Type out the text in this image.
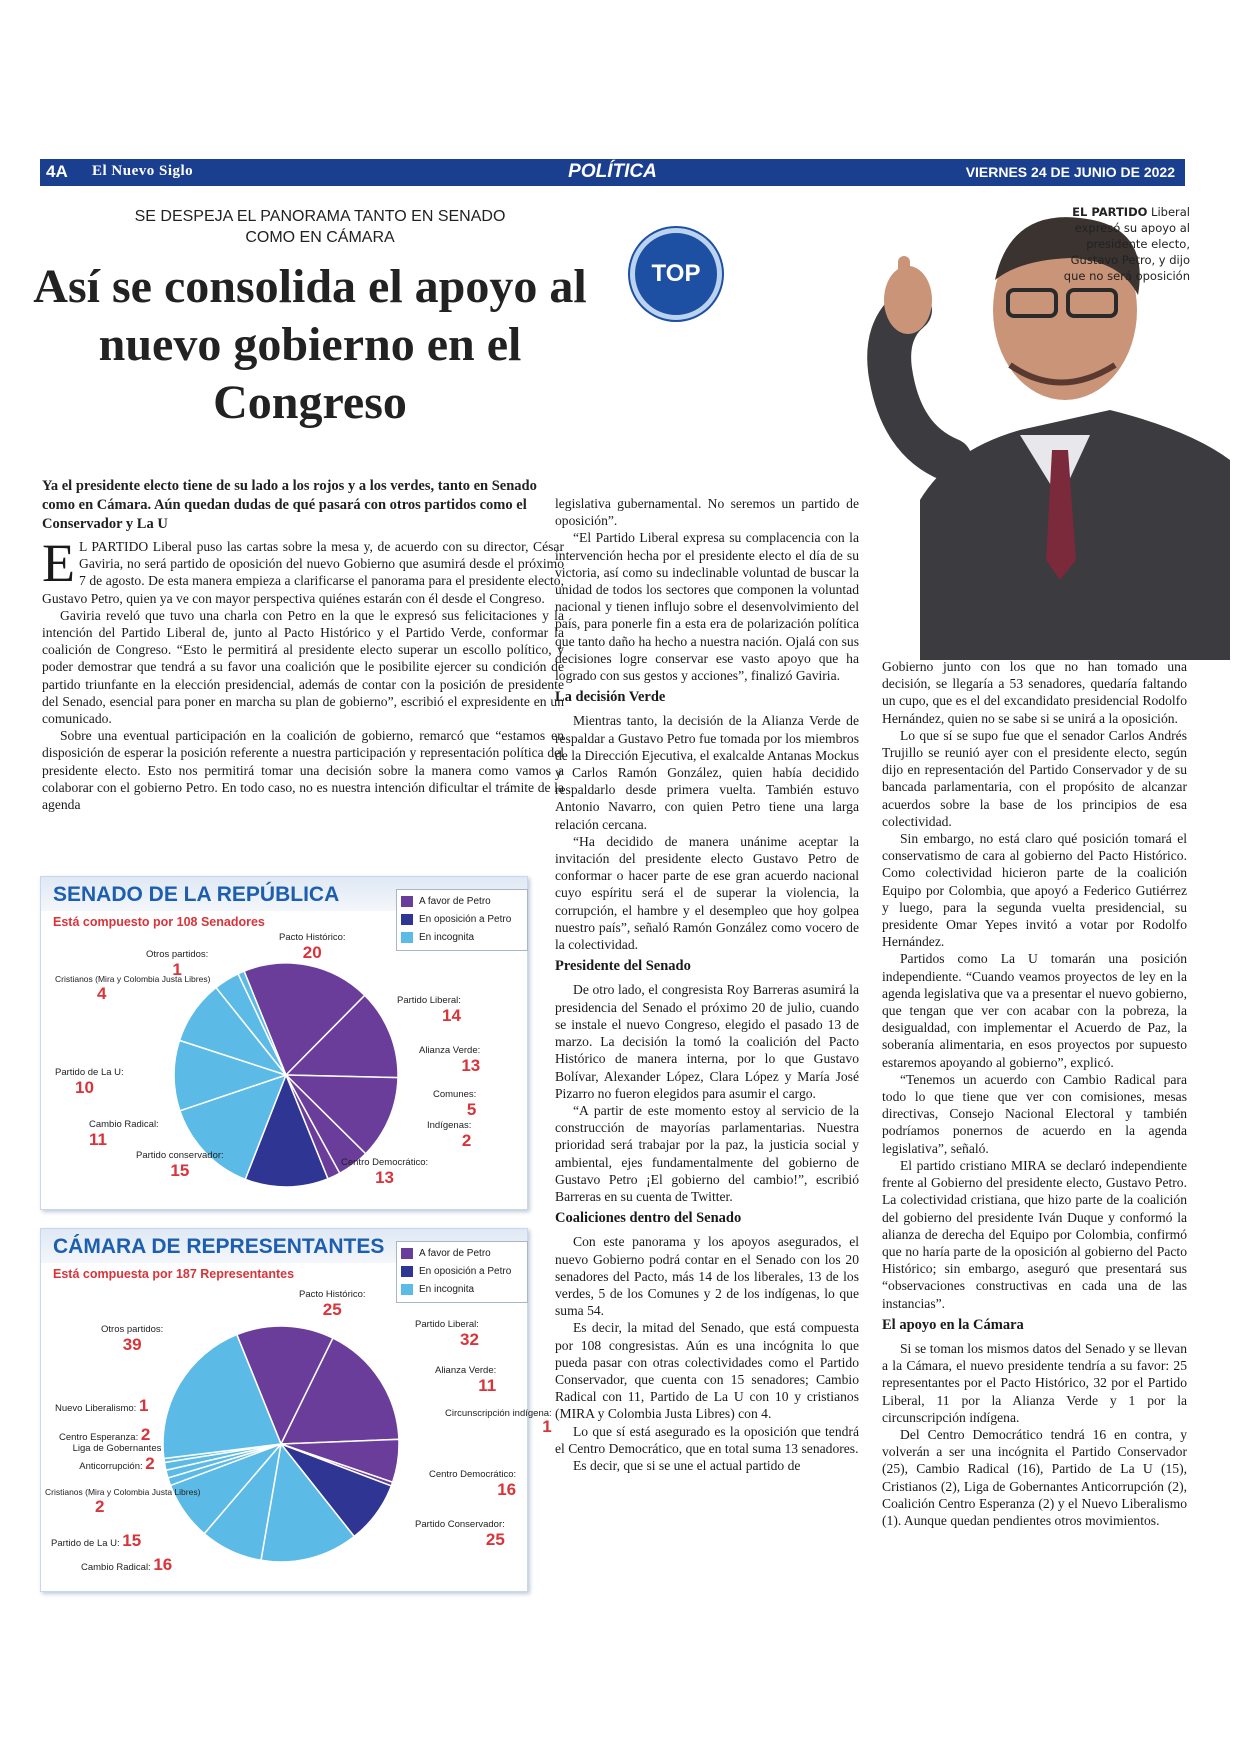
4A El Nuevo Siglo	POLÍTICA	VIERNES 24 DE JUNIO DE 2022
SE DESPEJA EL PANORAMA TANTO EN SENADO COMO EN CÁMARA
Así se consolida el apoyo al nuevo gobierno en el Congreso
TOP
EL PARTIDO Liberal expresó su apoyo al presidente electo, Gustavo Petro, y dijo que no será oposición
Ya el presidente electo tiene de su lado a los rojos y a los verdes, tanto en Senado como en Cámara. Aún quedan dudas de qué pasará con otros partidos como el Conservador y La U

E L PARTIDO Liberal puso las cartas sobre la mesa y, de acuerdo con su director, César Gaviria, no será partido de oposición del nuevo Gobierno que asumirá desde el próximo 7 de agosto. De esta manera empieza a clarificarse el panorama para el presidente electo, Gustavo Petro, quien ya ve con mayor perspectiva quiénes estarán con él desde el Congreso.

Gaviria reveló que tuvo una charla con Petro en la que le expresó sus felicitaciones y la intención del Partido Liberal de, junto al Pacto Histórico y el Partido Verde, conformar la coalición de Congreso. “Esto le permitirá al presidente electo superar un escollo político, y poder demostrar que tendrá a su favor una coalición que le posibilite ejercer su condición de partido triunfante en la elección presidencial, además de contar con la posición de presidente del Senado, esencial para poner en marcha su plan de gobierno”, escribió el expresidente en un comunicado.

Sobre una eventual participación en la coalición de gobierno, remarcó que “estamos en disposición de esperar la posición referente a nuestra participación y representación política del presidente electo. Esto nos permitirá tomar una decisión sobre la manera como vamos a colaborar con el gobierno Petro. En todo caso, no es nuestra intención dificultar el trámite de la agenda

legislativa gubernamental. No seremos un partido de oposición”.

“El Partido Liberal expresa su complacencia con la intervención hecha por el presidente electo el día de su victoria, así como su indeclinable voluntad de buscar la unidad de todos los sectores que componen la voluntad nacional y tienen influjo sobre el desenvolvimiento del país, para ponerle fin a esta era de polarización política que tanto daño ha hecho a nuestra nación. Ojalá con sus decisiones logre conservar ese vasto apoyo que ha logrado con sus gestos y acciones”, finalizó Gaviria.

La decisión Verde

Mientras tanto, la decisión de la Alianza Verde de respaldar a Gustavo Petro fue tomada por los miembros de la Dirección Ejecutiva, el exalcalde Antanas Mockus y Carlos Ramón González, quien había decidido respaldarlo desde primera vuelta. También estuvo Antonio Navarro, con quien Petro tiene una larga relación cercana.

“Ha decidido de manera unánime aceptar la invitación del presidente electo Gustavo Petro de conformar o hacer parte de ese gran acuerdo nacional cuyo espíritu será el de superar la violencia, la corrupción, el hambre y el desempleo que hoy golpea nuestro país”, señaló Ramón González como vocero de la colectividad.

Presidente del Senado

De otro lado, el congresista Roy Barreras asumirá la presidencia del Senado el próximo 20 de julio, cuando se instale el nuevo Congreso, elegido el pasado 13 de marzo. La decisión la tomó la coalición del Pacto Histórico de manera interna, por lo que Gustavo Bolívar, Alexander López, Clara López y María José Pizarro no fueron elegidos para asumir el cargo.

“A partir de este momento estoy al servicio de la construcción de mayorías parlamentarias. Nuestra prioridad será trabajar por la paz, la justicia social y ambiental, ejes fundamentalmente del gobierno de Gustavo Petro ¡El gobierno del cambio!”, escribió Barreras en su cuenta de Twitter.

Coaliciones dentro del Senado

Con este panorama y los apoyos asegurados, el nuevo Gobierno podrá contar en el Senado con los 20 senadores del Pacto, más 14 de los liberales, 13 de los verdes, 5 de los Comunes y 2 de los indígenas, lo que suma 54.

Es decir, la mitad del Senado, que está compuesta por 108 congresistas. Aún es una incógnita lo que pueda pasar con otras colectividades como el Partido Conservador, que cuenta con 15 senadores; Cambio Radical con 11, Partido de La U con 10 y cristianos (MIRA y Colombia Justa Libres) con 4.

Lo que sí está asegurado es la oposición que tendrá el Centro Democrático, que en total suma 13 senadores.

Es decir, que si se une el actual partido de

Gobierno junto con los que no han tomado una decisión, se llegaría a 53 senadores, quedaría faltando un cupo, que es el del excandidato presidencial Rodolfo Hernández, quien no se sabe si se unirá a la oposición.

Lo que sí se supo fue que el senador Carlos Andrés Trujillo se reunió ayer con el presidente electo, según dijo en representación del Partido Conservador y de su bancada parlamentaria, con el propósito de alcanzar acuerdos sobre la base de los principios de esa colectividad.

Sin embargo, no está claro qué posición tomará el conservatismo de cara al gobierno del Pacto Histórico. Como colectividad hicieron parte de la coalición Equipo por Colombia, que apoyó a Federico Gutiérrez y luego, para la segunda vuelta presidencial, su presidente Omar Yepes invitó a votar por Rodolfo Hernández.

Partidos como La U tomarán una posición independiente. “Cuando veamos proyectos de ley en la agenda legislativa que va a presentar el nuevo gobierno, que tengan que ver con acabar con la pobreza, la desigualdad, con implementar el Acuerdo de Paz, la soberanía alimentaria, en esos proyectos por supuesto estaremos apoyando al gobierno”, explicó.

“Tenemos un acuerdo con Cambio Radical para todo lo que tiene que ver con comisiones, mesas directivas, Consejo Nacional Electoral y también podríamos ponernos de acuerdo en la agenda legislativa”, señaló.

El partido cristiano MIRA se declaró independiente frente al Gobierno del presidente electo, Gustavo Petro. La colectividad cristiana, que hizo parte de la coalición del gobierno del presidente Iván Duque y conformó la alianza de derecha del Equipo por Colombia, confirmó que no haría parte de la oposición al gobierno del Pacto Histórico; sin embargo, aseguró que presentará sus “observaciones constructivas en cada una de las instancias”.

El apoyo en la Cámara

Si se toman los mismos datos del Senado y se llevan a la Cámara, el nuevo presidente tendría a su favor: 25 representantes por el Pacto Histórico, 32 por el Partido Liberal, 11 por la Alianza Verde y 1 por la circunscripción indígena.

Del Centro Democrático tendrá 16 en contra, y volverán a ser una incógnita el Partido Conservador (25), Cambio Radical (16), Partido de La U (15), Cristianos (2), Liga de Gobernantes Anticorrupción (2), Coalición Centro Esperanza (2) y el Nuevo Liberalismo (1). Aunque quedan pendientes otros movimientos.

SENADO DE LA REPÚBLICA
Está compuesto por 108 Senadores
A favor de Petro
En oposición a Petro
En incognita
Pacto Histórico:
20
Partido Liberal:
14
Alianza Verde:
13
Comunes:
5
Indígenas:
2
Centro Democrático:
13
Partido conservador:
15
Cambio Radical:
11
Partido de La U:
10
Cristianos (Mira y Colombia Justa Libres)
4
Otros partidos:
1
CÁMARA DE REPRESENTANTES
Está compuesta por 187 Representantes
A favor de Petro
En oposición a Petro
En incognita
Pacto Histórico:
25
Partido Liberal:
32
Alianza Verde:
11
Circunscripción indígena:
1
Centro Democrático:
16
Partido Conservador:
25
Cambio Radical: 16
Partido de La U: 15
Cristianos (Mira y Colombia Justa Libres)
2
Liga de Gobernantes Anticorrupción: 2
Centro Esperanza: 2
Nuevo Liberalismo: 1
Otros partidos:
39
